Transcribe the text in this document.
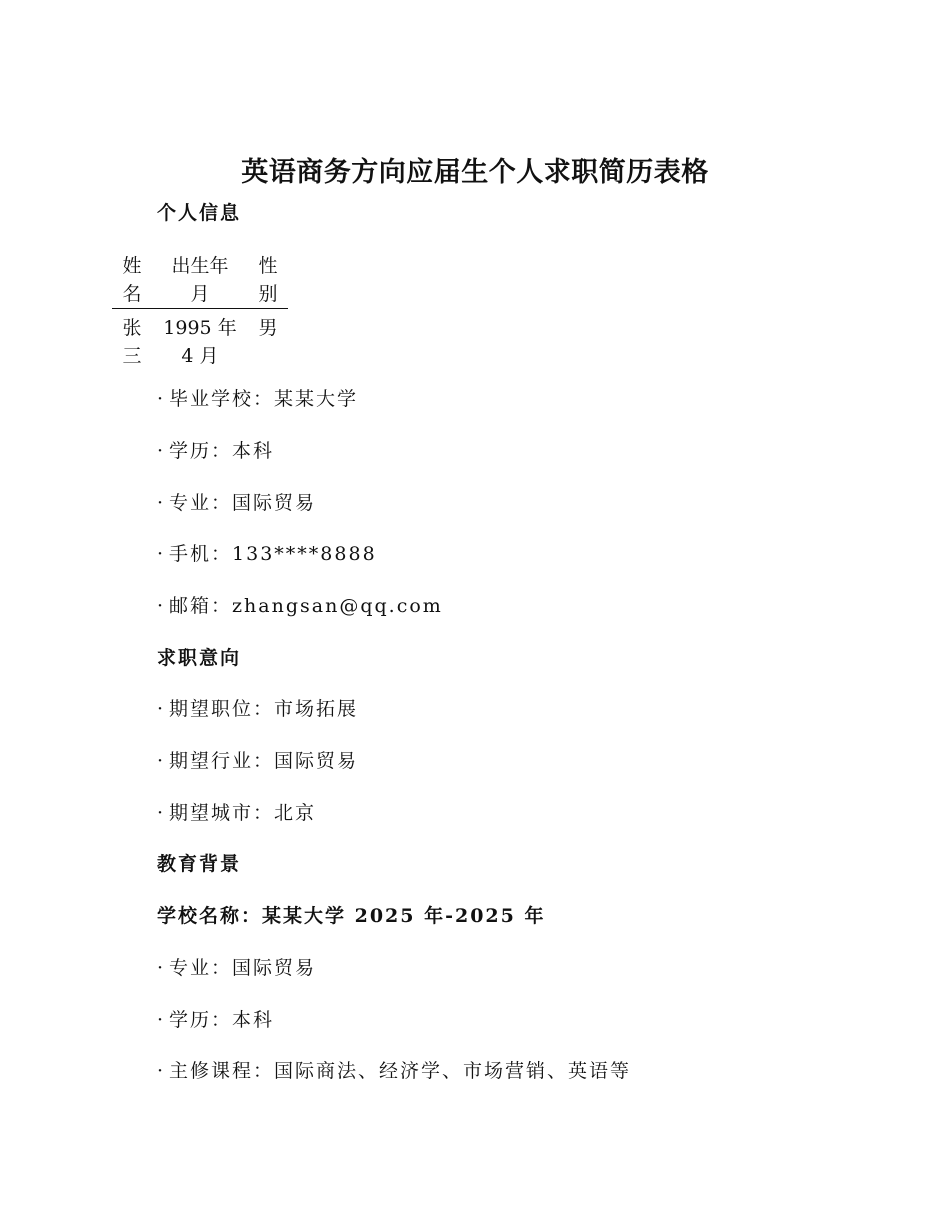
英语商务方向应届生个人求职简历表格
个人信息
姓
名
出生年
月
性
别
张
三
1995 年
4 月
男
· 毕业学校：某某大学
· 学历：本科
· 专业：国际贸易
· 手机：133****8888
· 邮箱：zhangsan@qq.com
求职意向
· 期望职位：市场拓展
· 期望行业：国际贸易
· 期望城市：北京
教育背景
学校名称：某某大学 2025 年-2025 年
· 专业：国际贸易
· 学历：本科
· 主修课程：国际商法、经济学、市场营销、英语等
